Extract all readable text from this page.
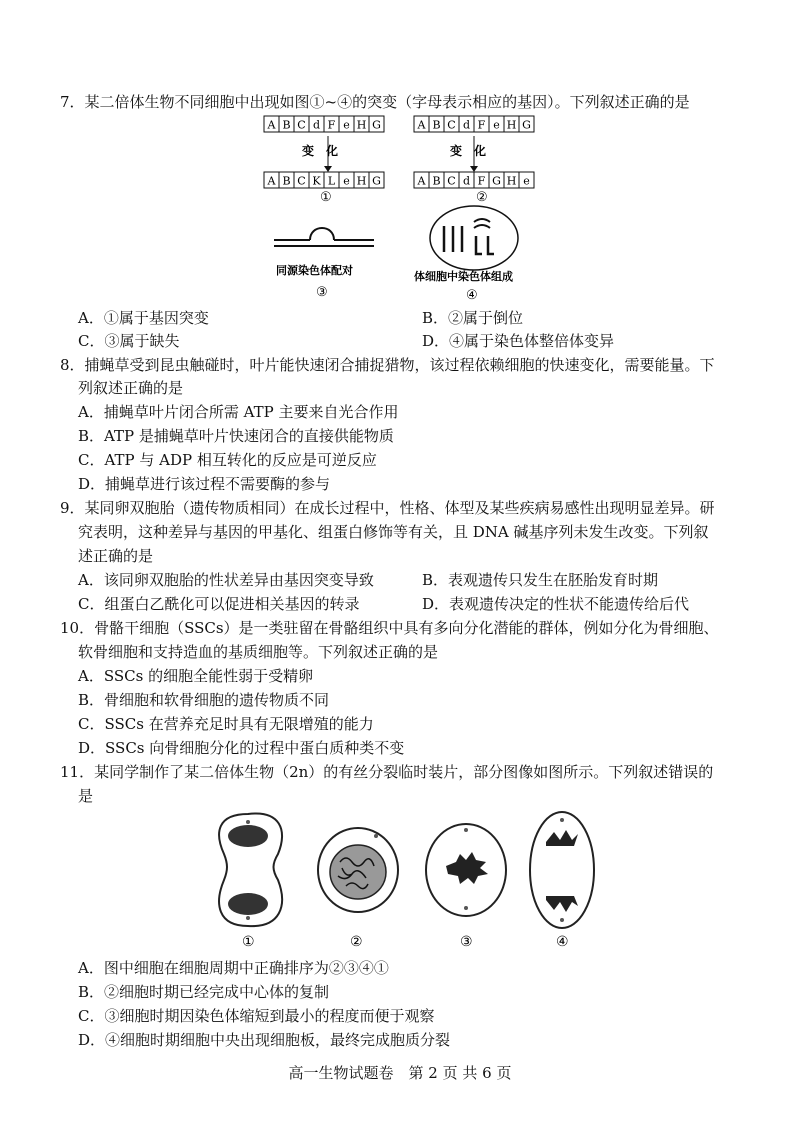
7．某二倍体生物不同细胞中出现如图①~④的突变（字母表示相应的基因）。下列叙述正确的是
A B C d F e H G
变　化
A B C K L e H G
①
A B C d F e H G
变　化
A B C d F G H e
②
同源染色体配对
③
体细胞中染色体组成
④
A．①属于基因突变	B．②属于倒位
C．③属于缺失	D．④属于染色体整倍体变异
8．捕蝇草受到昆虫触碰时，叶片能快速闭合捕捉猎物，该过程依赖细胞的快速变化，需要能量。下
列叙述正确的是
A．捕蝇草叶片闭合所需 ATP 主要来自光合作用
B．ATP 是捕蝇草叶片快速闭合的直接供能物质
C．ATP 与 ADP 相互转化的反应是可逆反应
D．捕蝇草进行该过程不需要酶的参与
9．某同卵双胞胎（遗传物质相同）在成长过程中，性格、体型及某些疾病易感性出现明显差异。研
究表明，这种差异与基因的甲基化、组蛋白修饰等有关，且 DNA 碱基序列未发生改变。下列叙
述正确的是
A．该同卵双胞胎的性状差异由基因突变导致	B．表观遗传只发生在胚胎发育时期
C．组蛋白乙酰化可以促进相关基因的转录	D．表观遗传决定的性状不能遗传给后代
10．骨骼干细胞（SSCs）是一类驻留在骨骼组织中具有多向分化潜能的群体，例如分化为骨细胞、
软骨细胞和支持造血的基质细胞等。下列叙述正确的是
A．SSCs 的细胞全能性弱于受精卵
B．骨细胞和软骨细胞的遗传物质不同
C．SSCs 在营养充足时具有无限增殖的能力
D．SSCs 向骨细胞分化的过程中蛋白质种类不变
11．某同学制作了某二倍体生物（2n）的有丝分裂临时装片，部分图像如图所示。下列叙述错误的
是
①	②	③	④
A．图中细胞在细胞周期中正确排序为②③④①
B．②细胞时期已经完成中心体的复制
C．③细胞时期因染色体缩短到最小的程度而便于观察
D．④细胞时期细胞中央出现细胞板，最终完成胞质分裂
高一生物试题卷　第 2 页 共 6 页
